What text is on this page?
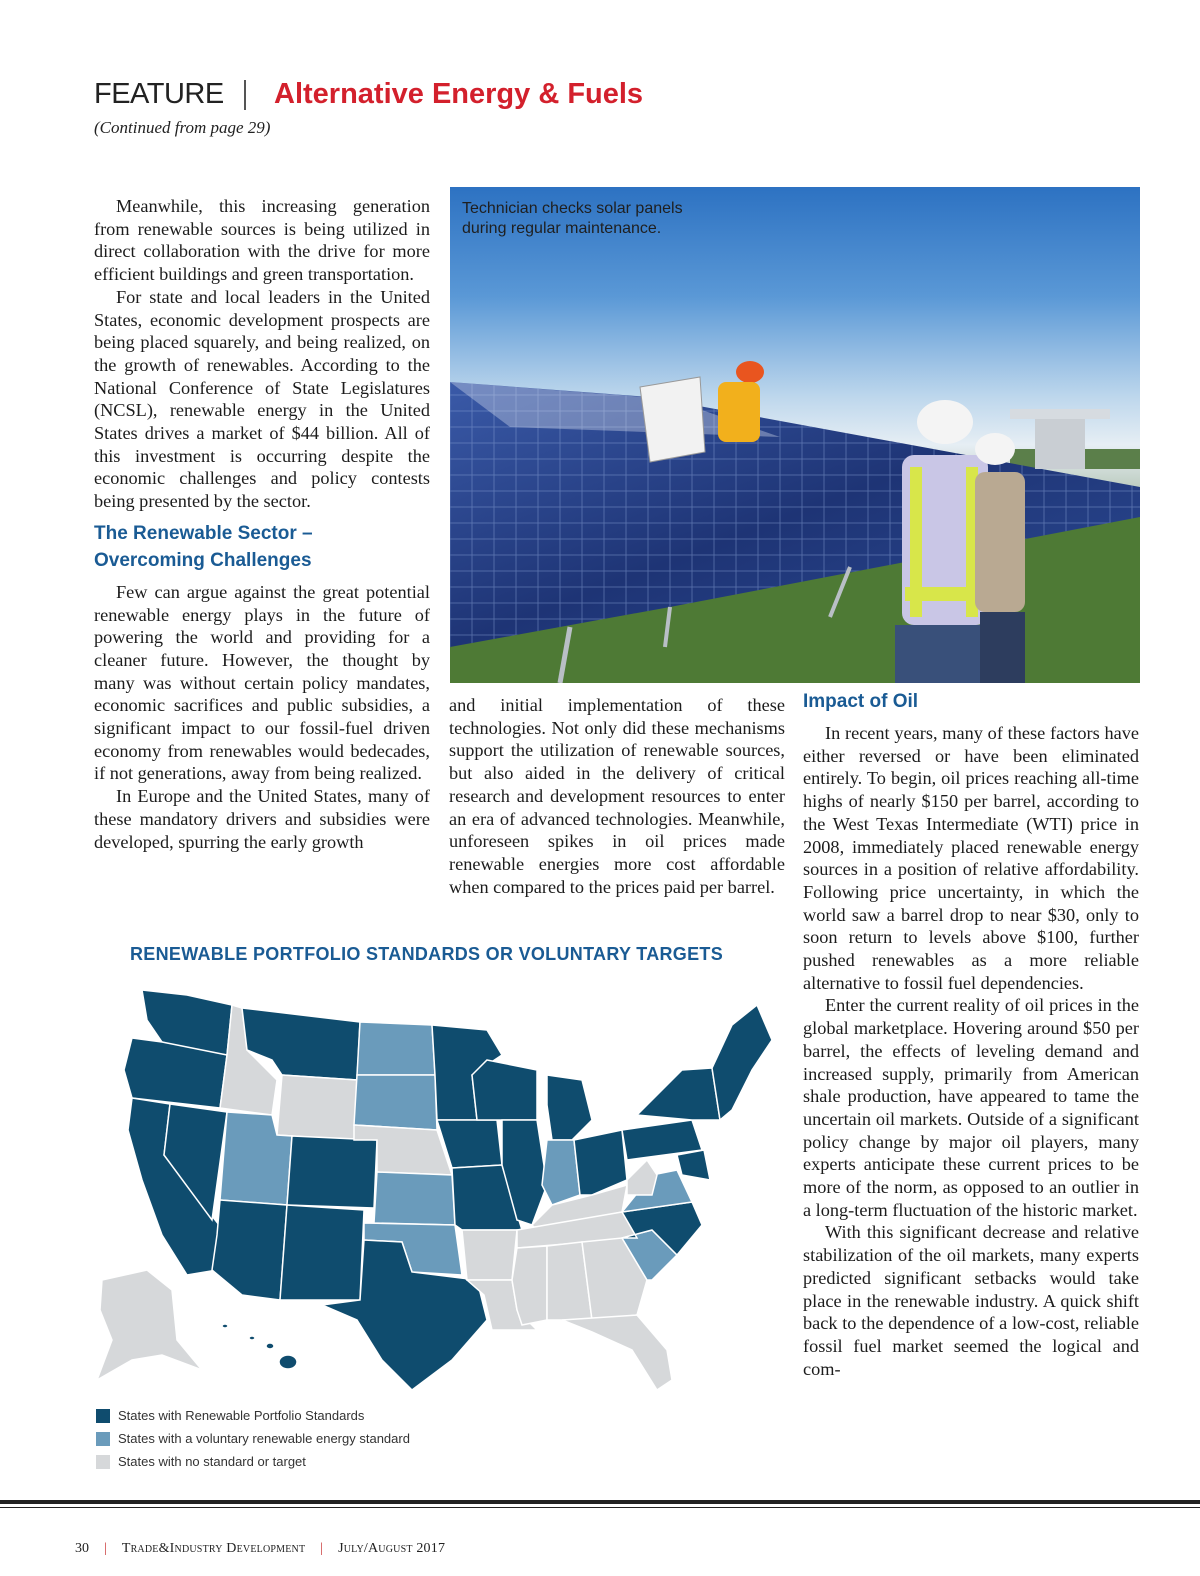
FEATURE Alternative Energy & Fuels
(Continued from page 29)

Meanwhile, this increasing generation from renewable sources is being utilized in direct collaboration with the drive for more efficient buildings and green transportation.

For state and local leaders in the United States, economic development prospects are being placed squarely, and being realized, on the growth of renewables. According to the National Conference of State Legislatures (NCSL), renewable energy in the United States drives a market of $44 billion. All of this investment is occurring despite the economic challenges and policy contests being presented by the sector.

The Renewable Sector –
Overcoming Challenges

Few can argue against the great potential renewable energy plays in the future of powering the world and providing for a cleaner future. However, the thought by many was without certain policy mandates, economic sacrifices and public subsidies, a significant impact to our fossil-fuel driven economy from renewables would bedecades, if not generations, away from being realized.

In Europe and the United States, many of these mandatory drivers and subsidies were developed, spurring the early growth

Technician checks solar panels
during regular maintenance.

and initial implementation of these technologies. Not only did these mechanisms support the utilization of renewable sources, but also aided in the delivery of critical research and development resources to enter an era of advanced technologies. Meanwhile, unforeseen spikes in oil prices made renewable energies more cost affordable when compared to the prices paid per barrel.

Impact of Oil

In recent years, many of these factors have either reversed or have been eliminated entirely. To begin, oil prices reaching all-time highs of nearly $150 per barrel, according to the West Texas Intermediate (WTI) price in 2008, immediately placed renewable energy sources in a position of relative affordability. Following price uncertainty, in which the world saw a barrel drop to near $30, only to soon return to levels above $100, further pushed renewables as a more reliable alternative to fossil fuel dependencies.

Enter the current reality of oil prices in the global marketplace. Hovering around $50 per barrel, the effects of leveling demand and increased supply, primarily from American shale production, have appeared to tame the uncertain oil markets. Outside of a significant policy change by major oil players, many experts anticipate these current prices to be more of the norm, as opposed to an outlier in a long-term fluctuation of the historic market.

With this significant decrease and relative stabilization of the oil markets, many experts predicted significant setbacks would take place in the renewable industry. A quick shift back to the dependence of a low-cost, reliable fossil fuel market seemed the logical and com-

RENEWABLE PORTFOLIO STANDARDS OR VOLUNTARY TARGETS
States with Renewable Portfolio Standards
States with a voluntary renewable energy standard
States with no standard or target
30 | Trade&Industry Development | July/August 2017
